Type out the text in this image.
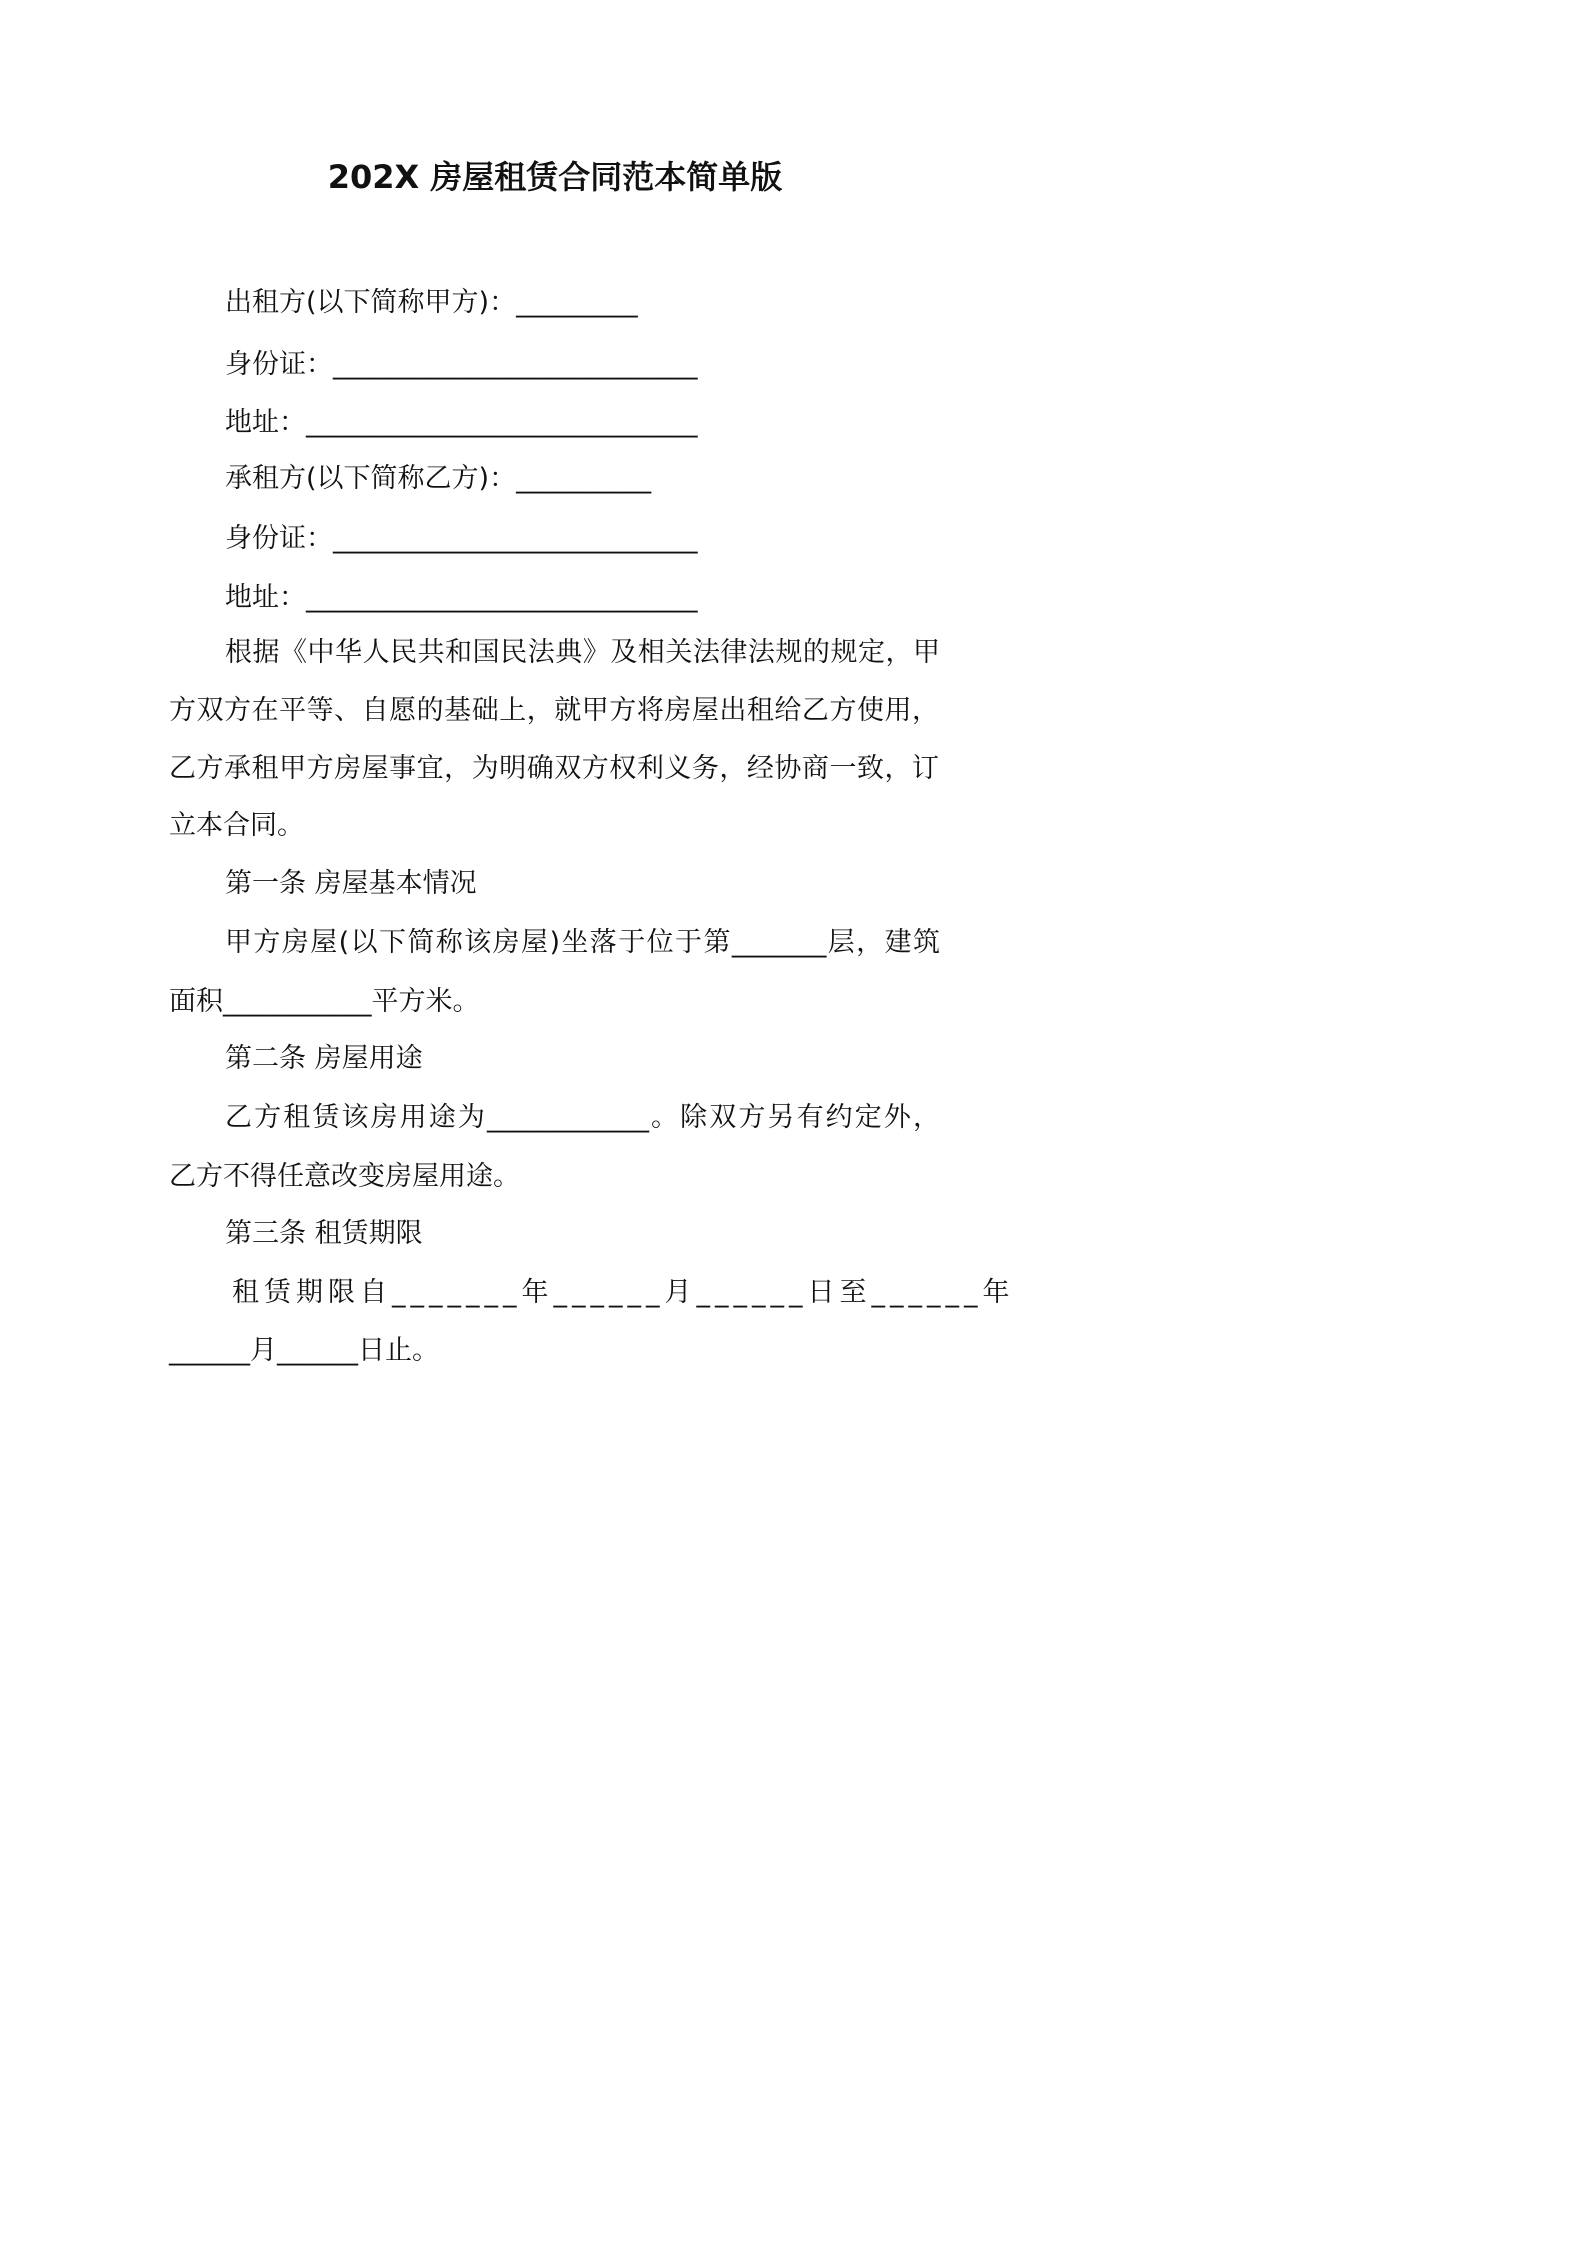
202X 房屋租赁合同范本简单版
出租方(以下简称甲方)：_________
身份证：___________________________
地址：_____________________________
承租方(以下简称乙方)：__________
身份证：___________________________
地址：_____________________________
根据《中华人民共和国民法典》及相关法律法规的规定，甲
方双方在平等、自愿的基础上，就甲方将房屋出租给乙方使用，
乙方承租甲方房屋事宜，为明确双方权利义务，经协商一致，订
立本合同。
第一条 房屋基本情况
甲方房屋(以下简称该房屋)坐落于位于第_______层，建筑
面积___________平方米。
第二条 房屋用途
乙方租赁该房用途为____________。除双方另有约定外，
乙方不得任意改变房屋用途。
第三条 租赁期限
租赁期限自_______年______月______日至______年
______月______日止。
